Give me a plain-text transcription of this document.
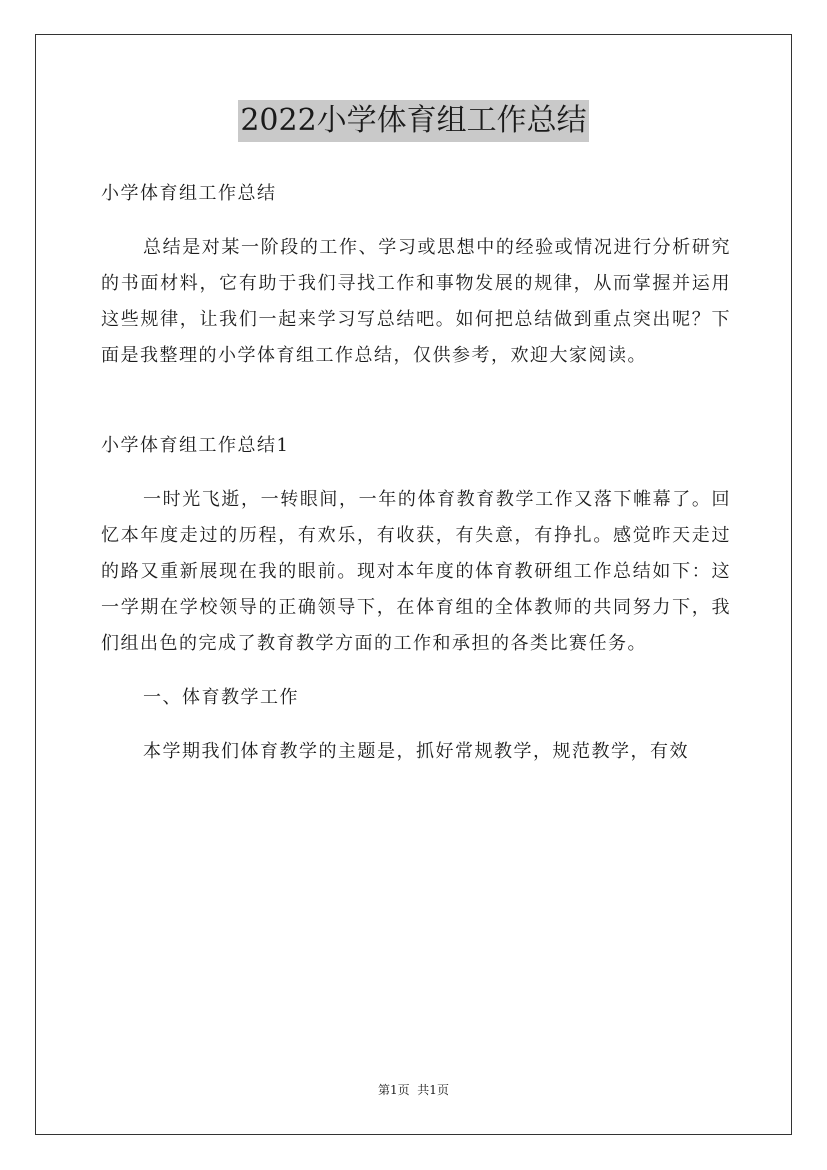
2022小学体育组工作总结

小学体育组工作总结

总结是对某一阶段的工作、学习或思想中的经验或情况进行分析研究的书面材料，它有助于我们寻找工作和事物发展的规律，从而掌握并运用这些规律，让我们一起来学习写总结吧。如何把总结做到重点突出呢？下面是我整理的小学体育组工作总结，仅供参考，欢迎大家阅读。

小学体育组工作总结1

一时光飞逝，一转眼间，一年的体育教育教学工作又落下帷幕了。回忆本年度走过的历程，有欢乐，有收获，有失意，有挣扎。感觉昨天走过的路又重新展现在我的眼前。现对本年度的体育教研组工作总结如下：这一学期在学校领导的正确领导下，在体育组的全体教师的共同努力下，我们组出色的完成了教育教学方面的工作和承担的各类比赛任务。

一、体育教学工作

本学期我们体育教学的主题是，抓好常规教学，规范教学，有效

第1页  共1页
